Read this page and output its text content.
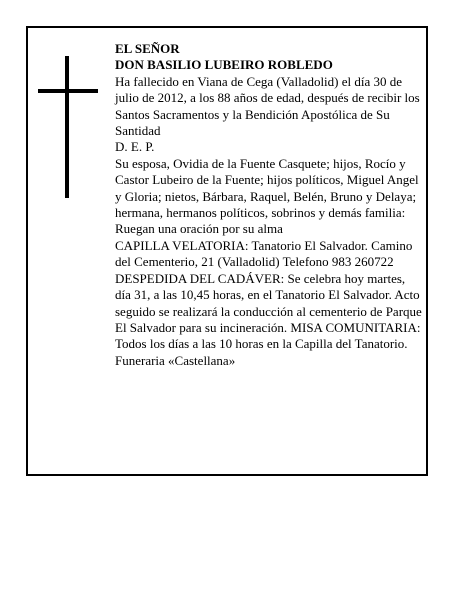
EL SEÑOR

DON BASILIO LUBEIRO ROBLEDO

Ha fallecido en Viana de Cega (Valladolid) el día 30 de julio de 2012, a los 88 años de edad, después de recibir los Santos Sacramentos y la Bendición Apostólica de Su Santidad

D. E. P.

Su esposa, Ovidia de la Fuente Casquete; hijos, Rocío y Castor Lubeiro de la Fuente; hijos políticos, Miguel Angel y Gloria; nietos, Bárbara, Raquel, Belén, Bruno y Delaya; hermana, hermanos políticos, sobrinos y demás familia:

Ruegan una oración por su alma

CAPILLA VELATORIA: Tanatorio El Salvador. Camino del Cementerio, 21 (Valladolid) Telefono 983 260722

DESPEDIDA DEL CADÁVER: Se celebra hoy martes, día 31, a las 10,45 horas, en el Tanatorio El Salvador. Acto seguido se realizará la conducción al cementerio de Parque El Salvador para su incineración. MISA COMUNITARIA: Todos los días a las 10 horas en la Capilla del Tanatorio.

Funeraria «Castellana»
